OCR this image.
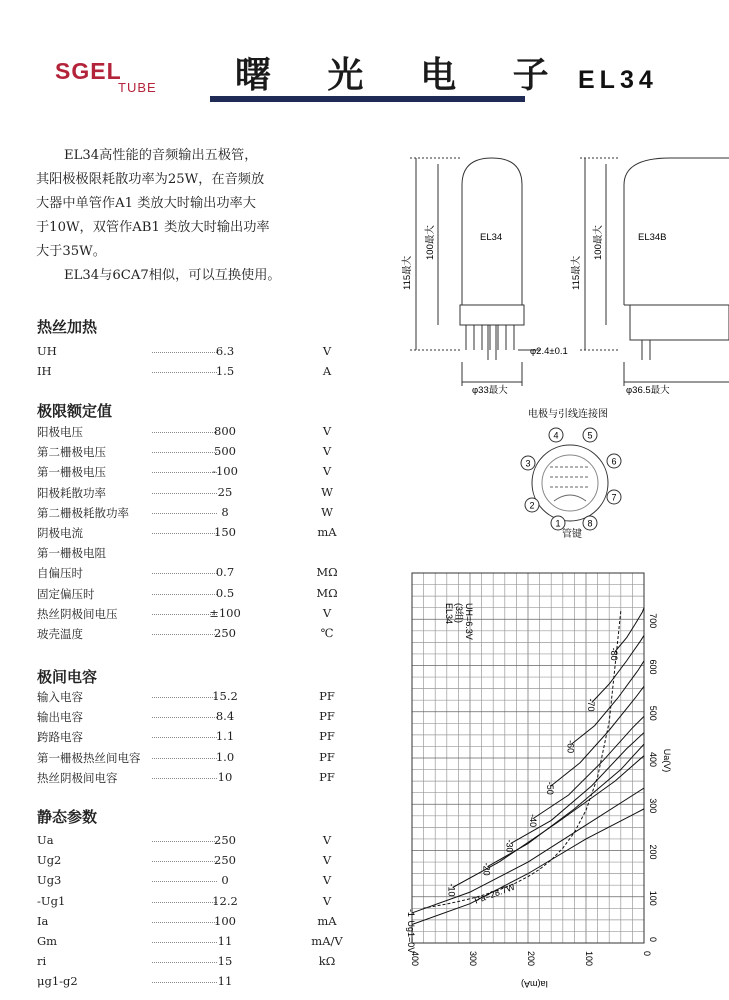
SGEL
TUBE 曙 光 电 子 EL34
EL34高性能的音频输出五极管，
其阳极极限耗散功率为25W，在音频放
大器中单管作A1 类放大时输出功率大
于10W，双管作AB1 类放大时输出功率
大于35W。
EL34与6CA7相似，可以互换使用。
热丝加热
UH	6.3	V
IH	1.5	A
极限额定值
阳极电压	800	V
第二栅极电压	500	V
第一栅极电压	-100	V
阳极耗散功率	25	W
第二栅极耗散功率	8	W
阴极电流	150	mA
第一栅极电阻
自偏压时	0.7	MΩ
固定偏压时	0.5	MΩ
热丝阴极间电压	±100	V
玻壳温度	250	℃
极间电容
输入电容	15.2	PF
输出电容	8.4	PF
跨路电容	1.1	PF
第一栅极热丝间电容	1.0	PF
热丝阴极间电容	10	PF
静态参数
Ua	250	V
Ug2	250	V
Ug3	0	V
-Ug1	12.2	V
Ia	100	mA
Gm	11	mA/V
ri	15	kΩ
μg1-g2	11
EL34	EL34B
115最大
100最大
115最大
100最大
φ2.4±0.1
φ33最大	φ36.5最大
电极与引线连接图
1
2
3
4	5
6
7
8
管键
Ug1=0V
-1
-10
-20
-30
-40
-50
-60
-70
-80
Pa=28.7W
EL34 (3组) UH=6.3V
0
100
200
300
400
0
100
200
300
400
500
600
700
Ia(mA)
Ua(V)
